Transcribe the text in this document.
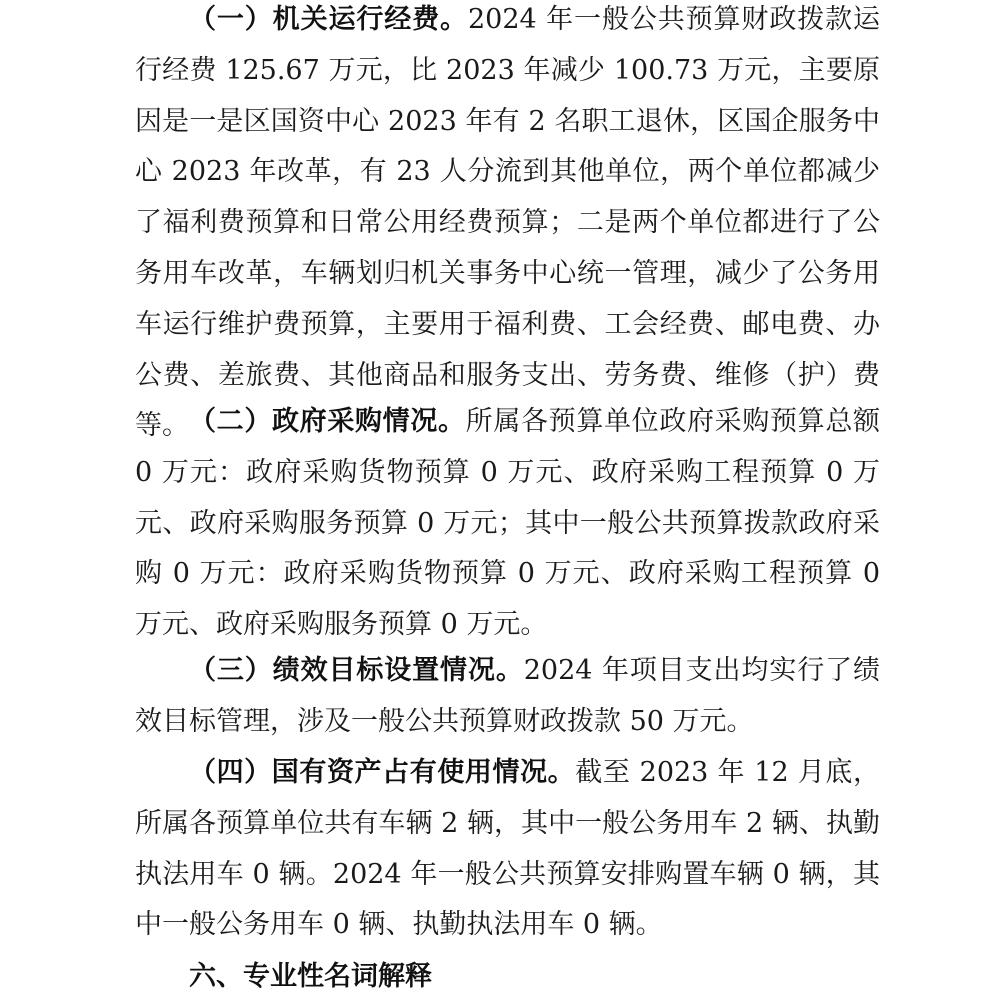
（一）机关运行经费。2024 年一般公共预算财政拨款运行经费 125.67 万元，比 2023 年减少 100.73 万元，主要原因是一是区国资中心 2023 年有 2 名职工退休，区国企服务中心 2023 年改革，有 23 人分流到其他单位，两个单位都减少了福利费预算和日常公用经费预算；二是两个单位都进行了公务用车改革，车辆划归机关事务中心统一管理，减少了公务用车运行维护费预算，主要用于福利费、工会经费、邮电费、办公费、差旅费、其他商品和服务支出、劳务费、维修（护）费等。 （二）政府采购情况。所属各预算单位政府采购预算总额 0 万元：政府采购货物预算 0 万元、政府采购工程预算 0 万元、政府采购服务预算 0 万元；其中一般公共预算拨款政府采购 0 万元：政府采购货物预算 0 万元、政府采购工程预算 0 万元、政府采购服务预算 0 万元。

（三）绩效目标设置情况。2024 年项目支出均实行了绩效目标管理，涉及一般公共预算财政拨款 50 万元。

（四）国有资产占有使用情况。截至 2023 年 12 月底，所属各预算单位共有车辆 2 辆，其中一般公务用车 2 辆、执勤执法用车 0 辆。2024 年一般公共预算安排购置车辆 0 辆，其中一般公务用车 0 辆、执勤执法用车 0 辆。

六、专业性名词解释
